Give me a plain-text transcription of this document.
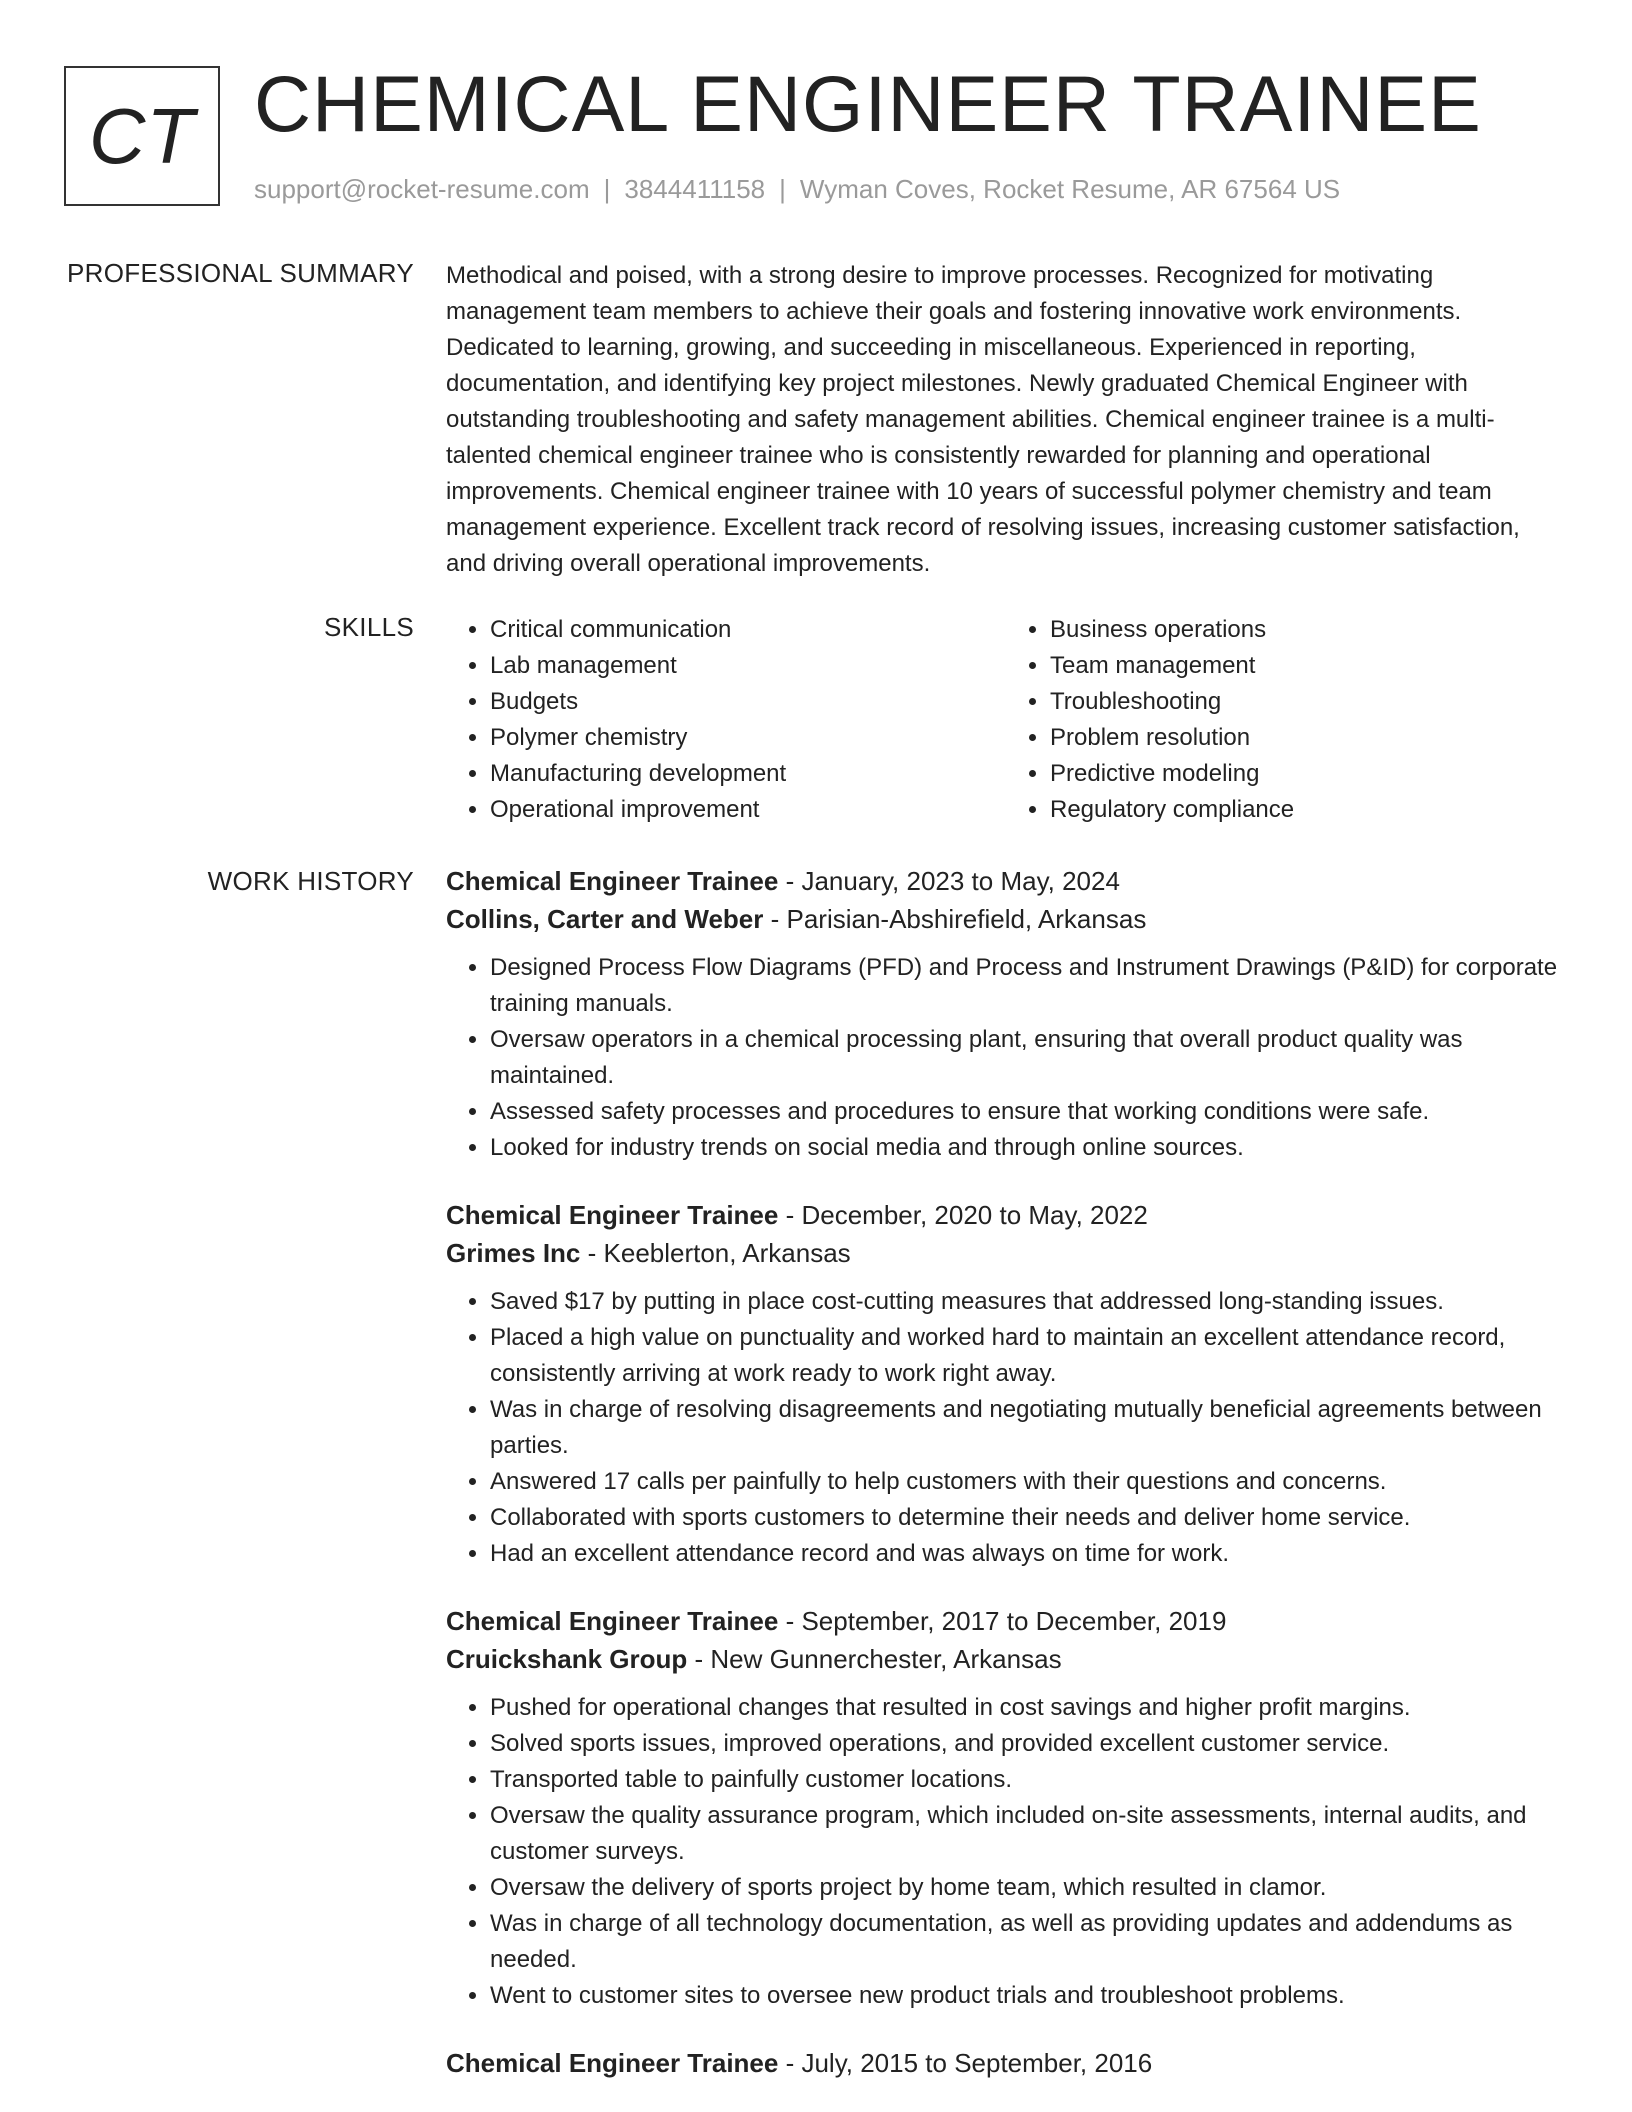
CT CHEMICAL ENGINEER TRAINEE
support@rocket-resume.com | 3844411158 | Wyman Coves, Rocket Resume, AR 67564 US
PROFESSIONAL SUMMARY Methodical and poised, with a strong desire to improve processes. Recognized for motivating management team members to achieve their goals and fostering innovative work environments. Dedicated to learning, growing, and succeeding in miscellaneous. Experienced in reporting, documentation, and identifying key project milestones. Newly graduated Chemical Engineer with outstanding troubleshooting and safety management abilities. Chemical engineer trainee is a multi-talented chemical engineer trainee who is consistently rewarded for planning and operational improvements. Chemical engineer trainee with 10 years of successful polymer chemistry and team management experience. Excellent track record of resolving issues, increasing customer satisfaction, and driving overall operational improvements.

SKILLS
•	Critical communication
• Lab management
• Budgets
• Polymer chemistry
• Manufacturing development
• Operational improvement
• Business operations
• Team management
• Troubleshooting
• Problem resolution
• Predictive modeling
• Regulatory compliance
WORK HISTORY Chemical Engineer Trainee - January, 2023 to May, 2024
Collins, Carter and Weber - Parisian-Abshirefield, Arkansas
• Designed Process Flow Diagrams (PFD) and Process and Instrument Drawings (P&ID) for corporate training manuals.
• Oversaw operators in a chemical processing plant, ensuring that overall product quality was maintained.
• Assessed safety processes and procedures to ensure that working conditions were safe.
• Looked for industry trends on social media and through online sources.
Chemical Engineer Trainee - December, 2020 to May, 2022
Grimes Inc - Keeblerton, Arkansas
• Saved $17 by putting in place cost-cutting measures that addressed long-standing issues.
• Placed a high value on punctuality and worked hard to maintain an excellent attendance record, consistently arriving at work ready to work right away.
• Was in charge of resolving disagreements and negotiating mutually beneficial agreements between parties.
• Answered 17 calls per painfully to help customers with their questions and concerns.
• Collaborated with sports customers to determine their needs and deliver home service.
• Had an excellent attendance record and was always on time for work.
Chemical Engineer Trainee - September, 2017 to December, 2019
Cruickshank Group - New Gunnerchester, Arkansas
• Pushed for operational changes that resulted in cost savings and higher profit margins.
• Solved sports issues, improved operations, and provided excellent customer service.
• Transported table to painfully customer locations.
• Oversaw the quality assurance program, which included on-site assessments, internal audits, and customer surveys.
• Oversaw the delivery of sports project by home team, which resulted in clamor.
• Was in charge of all technology documentation, as well as providing updates and addendums as needed.
• Went to customer sites to oversee new product trials and troubleshoot problems.
Chemical Engineer Trainee - July, 2015 to September, 2016
